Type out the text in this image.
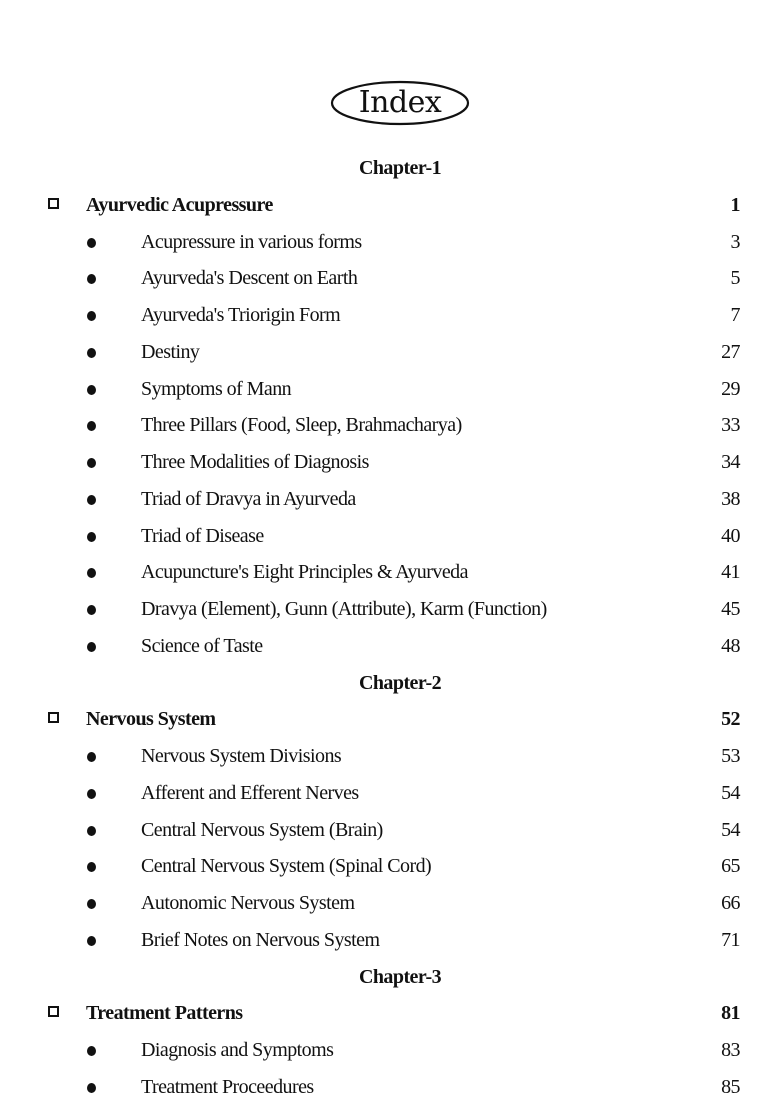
Index
Chapter-1
Ayurvedic Acupressure	1
Acupressure in various forms	3
Ayurveda's Descent on Earth	5
Ayurveda's Triorigin Form	7
Destiny	27
Symptoms of Mann	29
Three Pillars (Food, Sleep, Brahmacharya)	33
Three Modalities of Diagnosis	34
Triad of Dravya in Ayurveda	38
Triad of Disease	40
Acupuncture's Eight Principles & Ayurveda	41
Dravya (Element), Gunn (Attribute), Karm (Function)	45
Science of Taste	48
Chapter-2
Nervous System	52
Nervous System Divisions	53
Afferent and Efferent Nerves	54
Central Nervous System (Brain)	54
Central Nervous System (Spinal Cord)	65
Autonomic Nervous System	66
Brief Notes on Nervous System	71
Chapter-3
Treatment Patterns	81
Diagnosis and Symptoms	83
Treatment Proceedures	85
